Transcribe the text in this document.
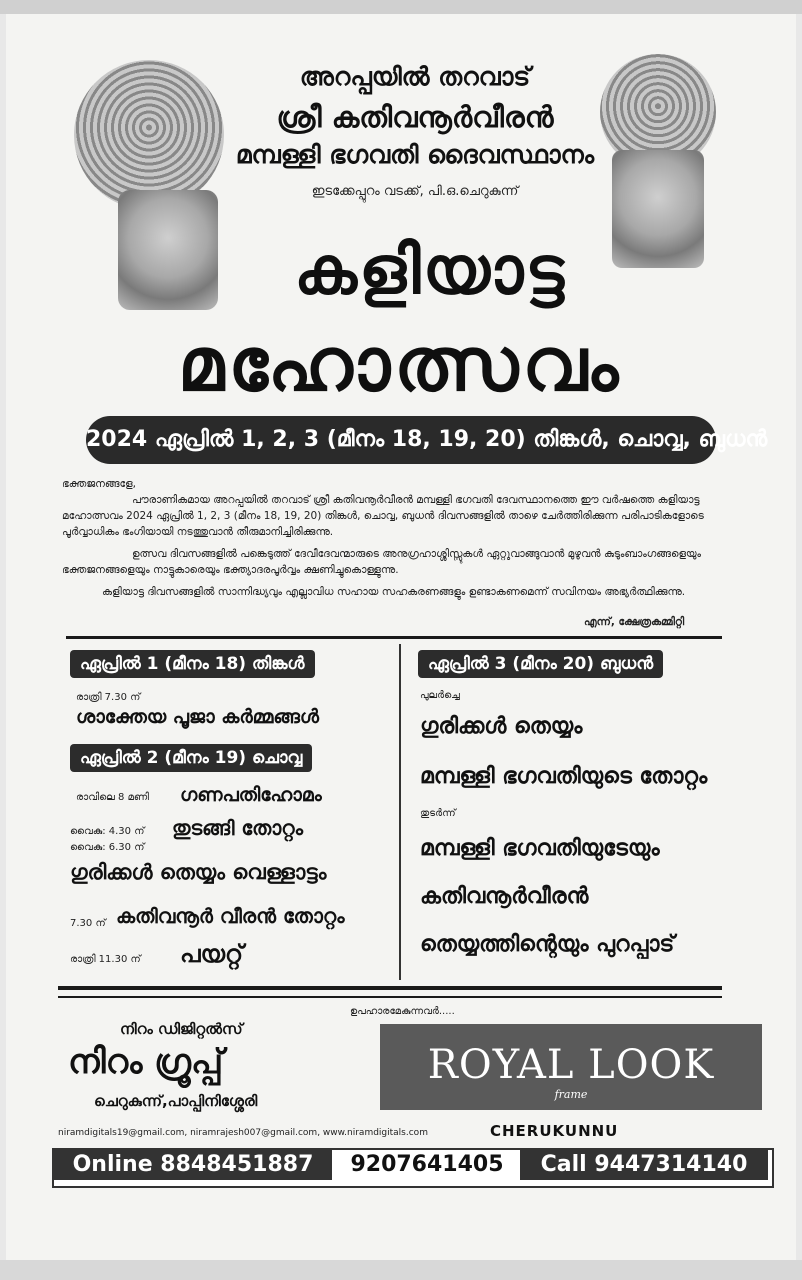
അറപ്പയിൽ തറവാട്
ശ്രീ കതിവനൂർവീരൻ
മമ്പള്ളി ഭഗവതി ദൈവസ്ഥാനം
ഇടക്കേപ്പുറം വടക്ക്, പി.ഒ.ചെറുകുന്ന്
കളിയാട്ട
മഹോത്സവം
2024 ഏപ്രിൽ 1, 2, 3 (മീനം 18, 19, 20) തിങ്കൾ, ചൊവ്വ, ബുധൻ
ഭക്തജനങ്ങളേ,
പൗരാണികമായ അറപ്പയിൽ തറവാട് ശ്രീ കതിവനൂർവീരൻ മമ്പള്ളി ഭഗവതി ദേവസ്ഥാനത്തെ ഈ വർഷത്തെ കളിയാട്ട മഹോത്സവം 2024 ഏപ്രിൽ 1, 2, 3 (മീനം 18, 19, 20) തിങ്കൾ, ചൊവ്വ, ബുധൻ ദിവസങ്ങളിൽ താഴെ ചേർത്തിരിക്കുന്ന പരിപാടികളോടെ പൂർവ്വാധികം ഭംഗിയായി നടത്തുവാൻ തീരുമാനിച്ചിരിക്കുന്നു.
ഉത്സവ ദിവസങ്ങളിൽ പങ്കെടുത്ത് ദേവീദേവന്മാരുടെ അനുഗ്രഹാശ്ശിസ്സുകൾ ഏറ്റുവാങ്ങുവാൻ മുഴുവൻ കുടുംബാംഗങ്ങളെയും ഭക്തജനങ്ങളെയും നാട്ടുകാരെയും ഭക്ത്യാദരപൂർവ്വം ക്ഷണിച്ചുകൊള്ളുന്നു.
കളിയാട്ട ദിവസങ്ങളിൽ സാന്നിദ്ധ്യവും എല്ലാവിധ സഹായ സഹകരണങ്ങളും ഉണ്ടാകണമെന്ന് സവിനയം അഭ്യർത്ഥിക്കുന്നു.
എന്ന്, ക്ഷേത്രകമ്മിറ്റി
ഏപ്രിൽ 1 (മീനം 18) തിങ്കൾ
രാത്രി 7.30 ന്
ശാക്തേയ പൂജാ കർമ്മങ്ങൾ
ഏപ്രിൽ 2 (മീനം 19) ചൊവ്വ
രാവിലെ 8 മണി ഗണപതിഹോമം
വൈകു: 4.30 ന് തുടങ്ങി തോറ്റം
വൈകു: 6.30 ന്
ഗുരിക്കൾ തെയ്യം വെള്ളാട്ടം
7.30 ന് കതിവനൂർ വീരൻ തോറ്റം
രാത്രി 11.30 ന് പയറ്റ്
ഏപ്രിൽ 3 (മീനം 20) ബുധൻ
പുലർച്ചെ
ഗുരിക്കൾ തെയ്യം
മമ്പള്ളി ഭഗവതിയുടെ തോറ്റം
തുടർന്ന്
മമ്പള്ളി ഭഗവതിയുടേയും
കതിവനൂർവീരൻ
തെയ്യത്തിന്റെയും പുറപ്പാട്
ഉപഹാരമേകുന്നവർ.....
നിറം ഡിജിറ്റൽസ്
നിറം ഗ്രൂപ്പ്
ചെറുകുന്ന്,പാപ്പിനിശ്ശേരി
niramdigitals19@gmail.com, niramrajesh007@gmail.com, www.niramdigitals.com
ROYAL LOOK
frame
CHERUKUNNU
Online 8848451887	9207641405	Call 9447314140
